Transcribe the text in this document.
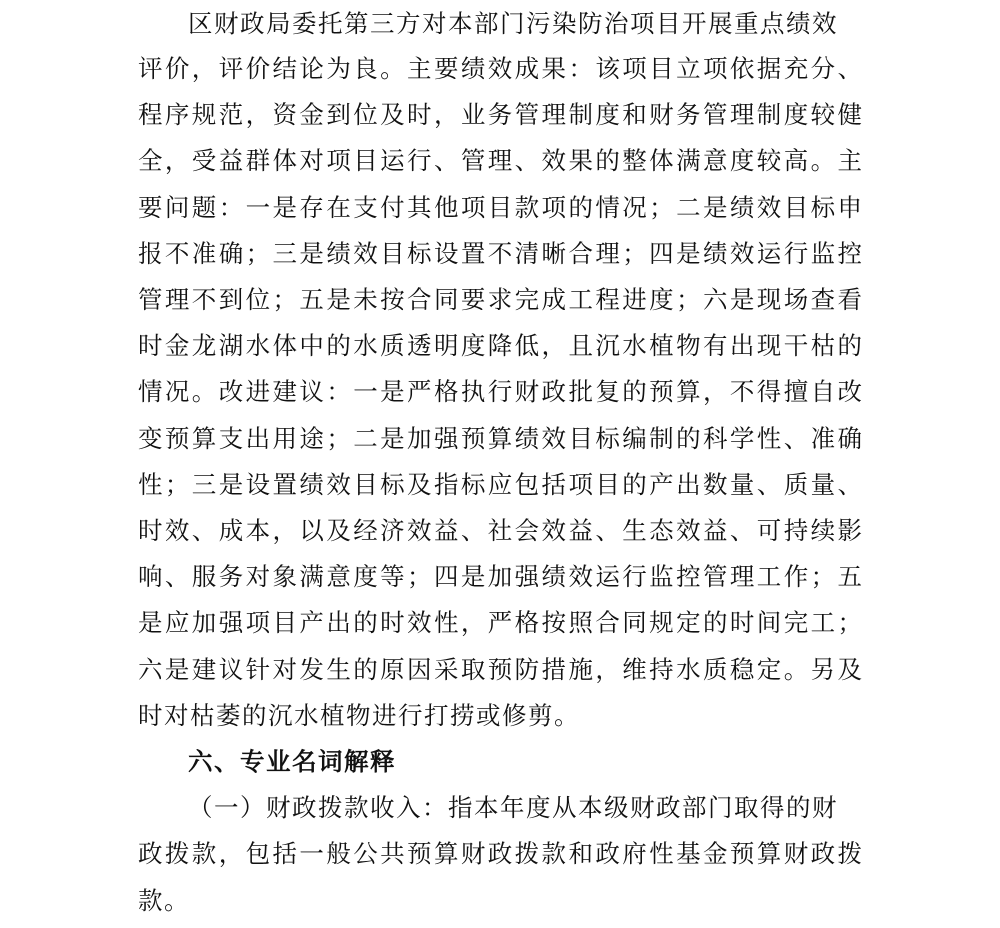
区财政局委托第三方对本部门污染防治项目开展重点绩效
评价，评价结论为良。主要绩效成果：该项目立项依据充分、
程序规范，资金到位及时，业务管理制度和财务管理制度较健
全，受益群体对项目运行、管理、效果的整体满意度较高。主
要问题：一是存在支付其他项目款项的情况；二是绩效目标申
报不准确；三是绩效目标设置不清晰合理；四是绩效运行监控
管理不到位；五是未按合同要求完成工程进度；六是现场查看
时金龙湖水体中的水质透明度降低，且沉水植物有出现干枯的
情况。改进建议：一是严格执行财政批复的预算，不得擅自改
变预算支出用途；二是加强预算绩效目标编制的科学性、准确
性；三是设置绩效目标及指标应包括项目的产出数量、质量、
时效、成本，以及经济效益、社会效益、生态效益、可持续影
响、服务对象满意度等；四是加强绩效运行监控管理工作；五
是应加强项目产出的时效性，严格按照合同规定的时间完工；
六是建议针对发生的原因采取预防措施，维持水质稳定。另及
时对枯萎的沉水植物进行打捞或修剪。
六、专业名词解释
（一）财政拨款收入：指本年度从本级财政部门取得的财
政拨款，包括一般公共预算财政拨款和政府性基金预算财政拨
款。
